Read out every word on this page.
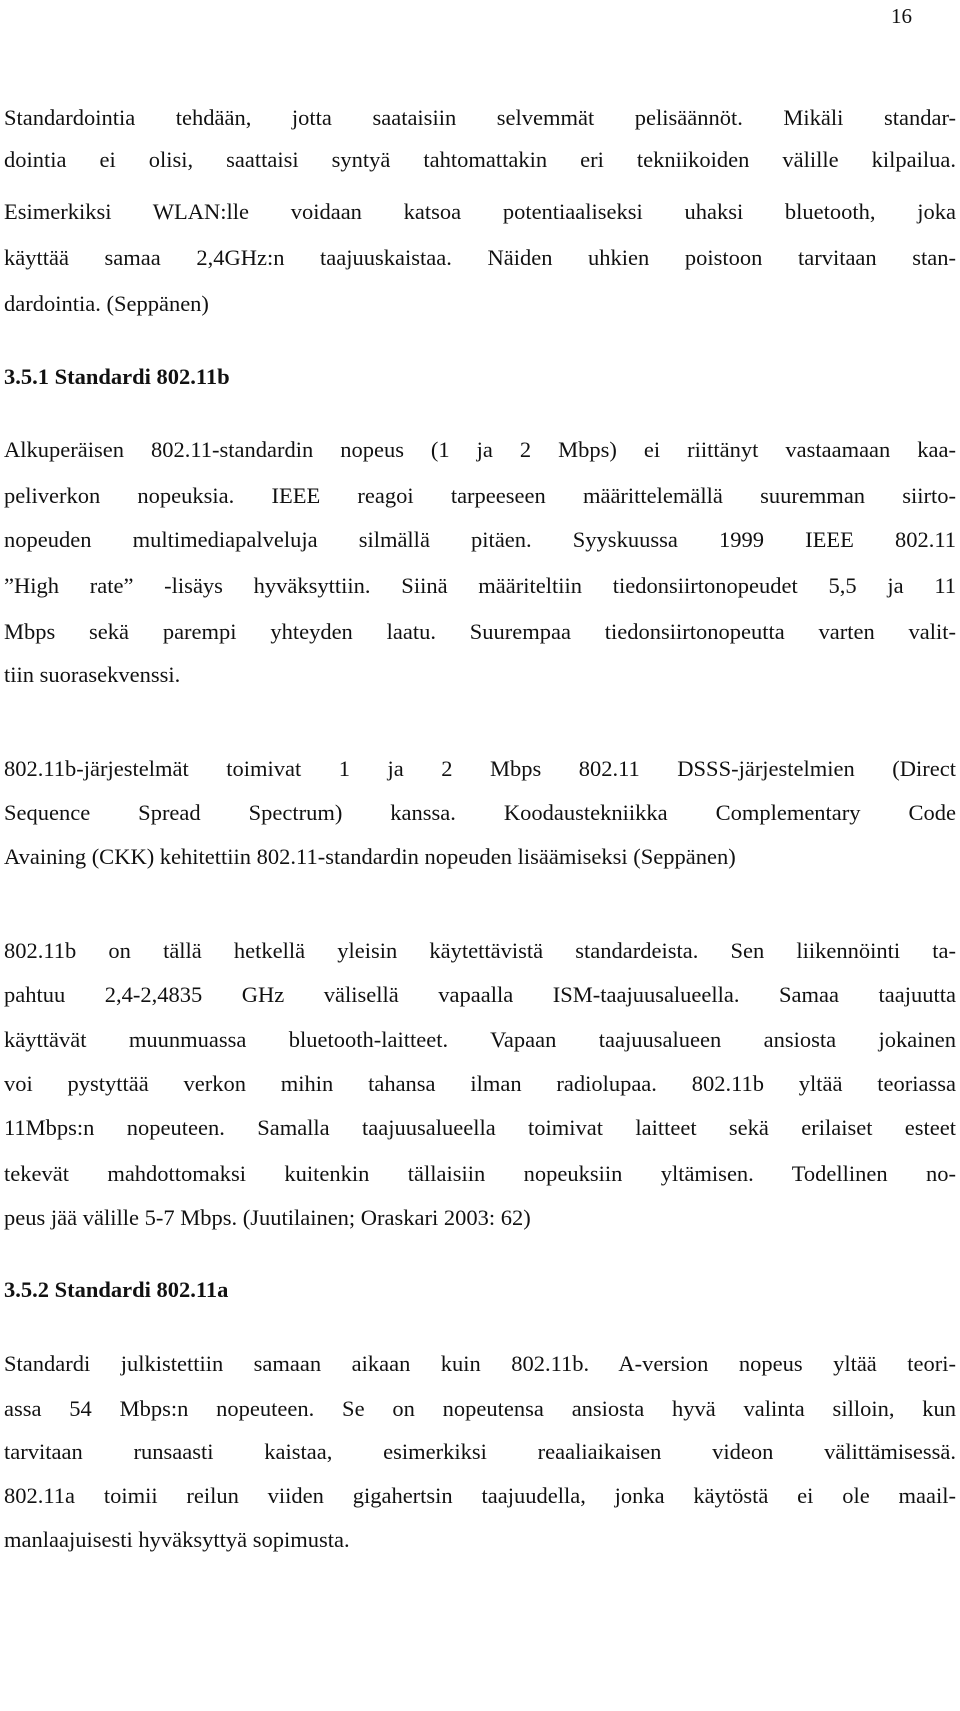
16
Standardointia tehdään, jotta saataisiin selvemmät pelisäännöt. Mikäli standar-
dointia ei olisi, saattaisi syntyä tahtomattakin eri tekniikoiden välille kilpailua.
Esimerkiksi WLAN:lle voidaan katsoa potentiaaliseksi uhaksi bluetooth, joka
käyttää samaa 2,4GHz:n taajuuskaistaa. Näiden uhkien poistoon tarvitaan stan-
dardointia. (Seppänen)
3.5.1 Standardi 802.11b
Alkuperäisen 802.11-standardin nopeus (1 ja 2 Mbps) ei riittänyt vastaamaan kaa-
peliverkon nopeuksia. IEEE reagoi tarpeeseen määrittelemällä suuremman siirto-
nopeuden multimediapalveluja silmällä pitäen. Syyskuussa 1999 IEEE 802.11
”High rate” -lisäys hyväksyttiin. Siinä määriteltiin tiedonsiirtonopeudet 5,5 ja 11
Mbps sekä parempi yhteyden laatu. Suurempaa tiedonsiirtonopeutta varten valit-
tiin suorasekvenssi.
802.11b-järjestelmät toimivat 1 ja 2 Mbps 802.11 DSSS-järjestelmien (Direct
Sequence Spread Spectrum) kanssa. Koodaustekniikka Complementary Code
Avaining (CKK) kehitettiin 802.11-standardin nopeuden lisäämiseksi (Seppänen)
802.11b on tällä hetkellä yleisin käytettävistä standardeista. Sen liikennöinti ta-
pahtuu 2,4-2,4835 GHz välisellä vapaalla ISM-taajuusalueella. Samaa taajuutta
käyttävät muunmuassa bluetooth-laitteet. Vapaan taajuusalueen ansiosta jokainen
voi pystyttää verkon mihin tahansa ilman radiolupaa. 802.11b yltää teoriassa
11Mbps:n nopeuteen. Samalla taajuusalueella toimivat laitteet sekä erilaiset esteet
tekevät mahdottomaksi kuitenkin tällaisiin nopeuksiin yltämisen. Todellinen no-
peus jää välille 5-7 Mbps. (Juutilainen; Oraskari 2003: 62)
3.5.2 Standardi 802.11a
Standardi julkistettiin samaan aikaan kuin 802.11b. A-version nopeus yltää teori-
assa 54 Mbps:n nopeuteen. Se on nopeutensa ansiosta hyvä valinta silloin, kun
tarvitaan runsaasti kaistaa, esimerkiksi reaaliaikaisen videon välittämisessä.
802.11a toimii reilun viiden gigahertsin taajuudella, jonka käytöstä ei ole maail-
manlaajuisesti hyväksyttyä sopimusta.
